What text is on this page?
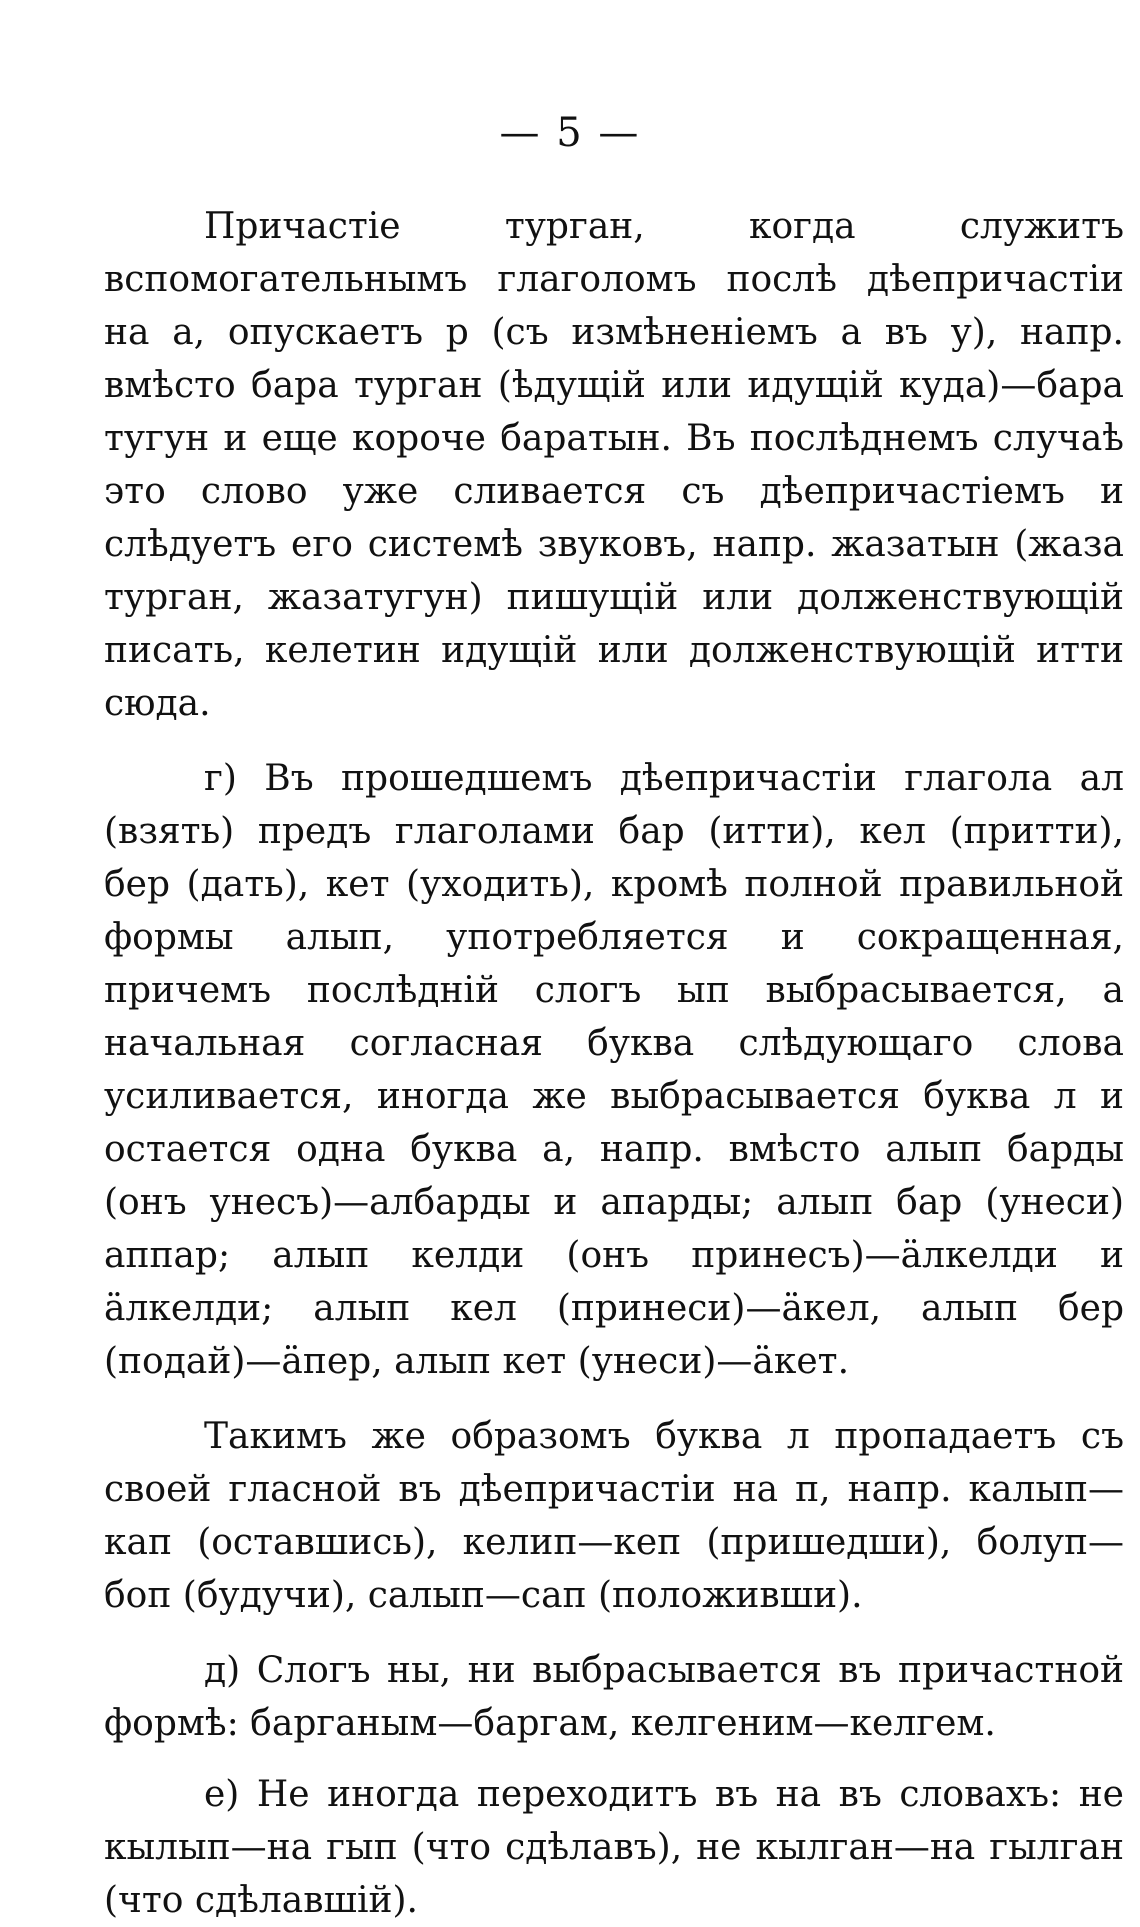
— 5 —

Причастіе турган, когда служитъ вспомогательнымъ глаголомъ послѣ дѣепричастіи на а, опускаетъ р (съ измѣненіемъ а въ у), напр. вмѣсто бара турган (ѣдущій или идущій куда)—бара тугун и еще короче баратын. Въ послѣднемъ случаѣ это слово уже сливается съ дѣепричастіемъ и слѣдуетъ его системѣ звуковъ, напр. жазатын (жаза турган, жазатугун) пишущій или долженствующій писать, келетин идущій или долженствующій итти сюда.

г) Въ прошедшемъ дѣепричастіи глагола ал (взять) предъ глаголами бар (итти), кел (притти), бер (дать), кет (уходить), кромѣ полной правильной формы алып, употребляется и сокращенная, причемъ послѣдній слогъ ып выбрасывается, а начальная согласная буква слѣдующаго слова усиливается, иногда же выбрасывается буква л и остается одна буква а, напр. вмѣсто алып барды (онъ унесъ)—албарды и апарды; алып бар (унеси) аппар; алып келди (онъ принесъ)—äлкелди и äлкелди; алып кел (принеси)—äкел, алып бер (подай)—äпер, алып кет (унеси)—äкет.

Такимъ же образомъ буква л пропадаетъ съ своей гласной въ дѣепричастіи на п, напр. калып—кап (оставшись), келип—кеп (пришедши), болуп—боп (будучи), салып—сап (положивши).

д) Слогъ ны, ни выбрасывается въ причастной формѣ: барганым—баргам, келгеним—келгем.

е) Не иногда переходитъ въ на въ словахъ: не кылып—на гып (что сдѣлавъ), не кылган—на гылган (что сдѣлавшій).
